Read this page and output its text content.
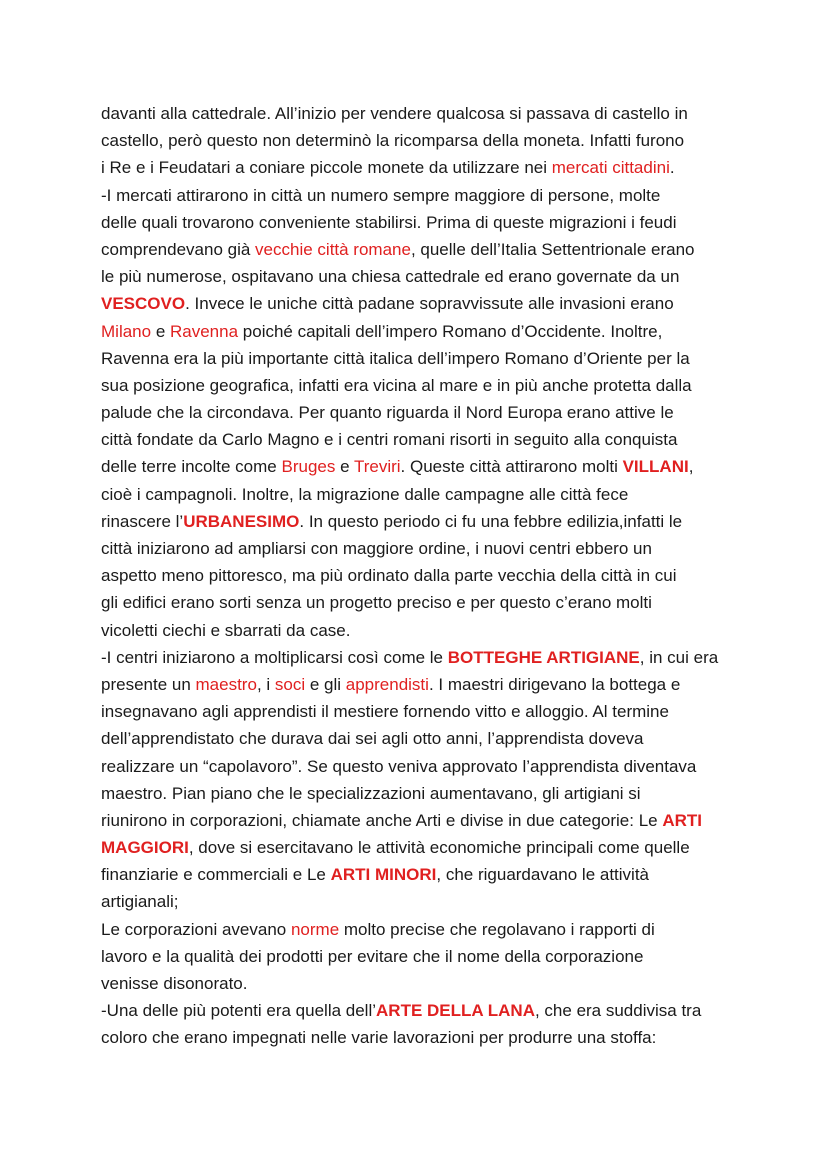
davanti alla cattedrale. All’inizio per vendere qualcosa si passava di castello in
castello, però questo non determinò la ricomparsa della moneta. Infatti furono
i Re e i Feudatari a coniare piccole monete da utilizzare nei mercati cittadini.
-I mercati attirarono in città un numero sempre maggiore di persone, molte
delle quali trovarono conveniente stabilirsi. Prima di queste migrazioni i feudi
comprendevano già vecchie città romane, quelle dell’Italia Settentrionale erano
le più numerose, ospitavano una chiesa cattedrale ed erano governate da un
VESCOVO. Invece le uniche città padane sopravvissute alle invasioni erano
Milano e Ravenna poiché capitali dell’impero Romano d’Occidente. Inoltre,
Ravenna era la più importante città italica dell’impero Romano d’Oriente per la
sua posizione geografica, infatti era vicina al mare e in più anche protetta dalla
palude che la circondava. Per quanto riguarda il Nord Europa erano attive le
città fondate da Carlo Magno e i centri romani risorti in seguito alla conquista
delle terre incolte come Bruges e Treviri. Queste città attirarono molti VILLANI,
cioè i campagnoli. Inoltre, la migrazione dalle campagne alle città fece
rinascere l’URBANESIMO. In questo periodo ci fu una febbre edilizia,infatti le
città iniziarono ad ampliarsi con maggiore ordine, i nuovi centri ebbero un
aspetto meno pittoresco, ma più ordinato dalla parte vecchia della città in cui
gli edifici erano sorti senza un progetto preciso e per questo c’erano molti
vicoletti ciechi e sbarrati da case.
-I centri iniziarono a moltiplicarsi così come le BOTTEGHE ARTIGIANE, in cui era
presente un maestro, i soci e gli apprendisti. I maestri dirigevano la bottega e
insegnavano agli apprendisti il mestiere fornendo vitto e alloggio. Al termine
dell’apprendistato che durava dai sei agli otto anni, l’apprendista doveva
realizzare un “capolavoro”. Se questo veniva approvato l’apprendista diventava
maestro. Pian piano che le specializzazioni aumentavano, gli artigiani si
riunirono in corporazioni, chiamate anche Arti e divise in due categorie: Le ARTI
MAGGIORI, dove si esercitavano le attività economiche principali come quelle
finanziarie e commerciali e Le ARTI MINORI, che riguardavano le attività
artigianali;
Le corporazioni avevano norme molto precise che regolavano i rapporti di
lavoro e la qualità dei prodotti per evitare che il nome della corporazione
venisse disonorato.
-Una delle più potenti era quella dell’ARTE DELLA LANA, che era suddivisa tra
coloro che erano impegnati nelle varie lavorazioni per produrre una stoffa:
